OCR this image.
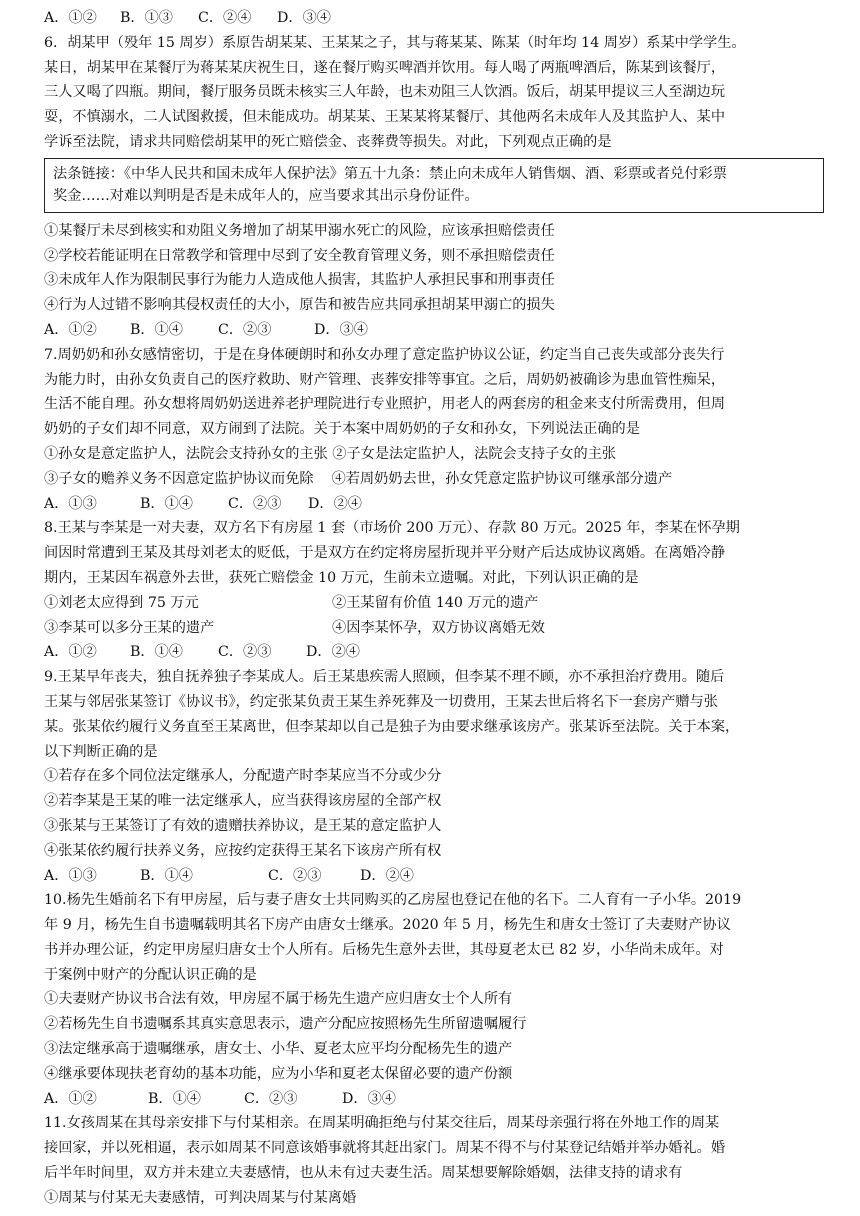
A．①②	B．①③	C．②④	D．③④
6．胡某甲（殁年 15 周岁）系原告胡某某、王某某之子，其与蒋某某、陈某（时年均 14 周岁）系某中学学生。
某日，胡某甲在某餐厅为蒋某某庆祝生日，遂在餐厅购买啤酒并饮用。每人喝了两瓶啤酒后，陈某到该餐厅，
三人又喝了四瓶。期间，餐厅服务员既未核实三人年龄，也未劝阻三人饮酒。饭后，胡某甲提议三人至湖边玩
耍，不慎溺水，二人试图救援，但未能成功。胡某某、王某某将某餐厅、其他两名未成年人及其监护人、某中
学诉至法院，请求共同赔偿胡某甲的死亡赔偿金、丧葬费等损失。对此，下列观点正确的是
法条链接：《中华人民共和国未成年人保护法》第五十九条：禁止向未成年人销售烟、酒、彩票或者兑付彩票
奖金……对难以判明是否是未成年人的，应当要求其出示身份证件。
①某餐厅未尽到核实和劝阻义务增加了胡某甲溺水死亡的风险，应该承担赔偿责任
②学校若能证明在日常教学和管理中尽到了安全教育管理义务，则不承担赔偿责任
③未成年人作为限制民事行为能力人造成他人损害，其监护人承担民事和刑事责任
④行为人过错不影响其侵权责任的大小，原告和被告应共同承担胡某甲溺亡的损失
A．①②	B．①④	C．②③	D．③④
7.周奶奶和孙女感情密切，于是在身体硬朗时和孙女办理了意定监护协议公证，约定当自己丧失或部分丧失行
为能力时，由孙女负责自己的医疗救助、财产管理、丧葬安排等事宜。之后，周奶奶被确诊为患血管性痴呆，
生活不能自理。孙女想将周奶奶送进养老护理院进行专业照护，用老人的两套房的租金来支付所需费用，但周
奶奶的子女们却不同意，双方闹到了法院。关于本案中周奶奶的子女和孙女，下列说法正确的是
①孙女是意定监护人，法院会支持孙女的主张 ②子女是法定监护人，法院会支持子女的主张
③子女的赡养义务不因意定监护协议而免除    ④若周奶奶去世，孙女凭意定监护协议可继承部分遗产
A．①③	B．①④	C．②③	D．②④
8.王某与李某是一对夫妻，双方名下有房屋 1 套（市场价 200 万元）、存款 80 万元。2025 年，李某在怀孕期
间因时常遭到王某及其母刘老太的贬低，于是双方在约定将房屋折现并平分财产后达成协议离婚。在离婚冷静
期内，王某因车祸意外去世，获死亡赔偿金 10 万元，生前未立遗嘱。对此，下列认识正确的是
①刘老太应得到 75 万元	②王某留有价值 140 万元的遗产
③李某可以多分王某的遗产	④因李某怀孕，双方协议离婚无效
A．①②	B．①④	C．②③	D．②④
9.王某早年丧夫，独自抚养独子李某成人。后王某患疾需人照顾，但李某不理不顾，亦不承担治疗费用。随后
王某与邻居张某签订《协议书》，约定张某负责王某生养死葬及一切费用，王某去世后将名下一套房产赠与张
某。张某依约履行义务直至王某离世，但李某却以自己是独子为由要求继承该房产。张某诉至法院。关于本案，
以下判断正确的是
①若存在多个同位法定继承人，分配遗产时李某应当不分或少分
②若李某是王某的唯一法定继承人，应当获得该房屋的全部产权
③张某与王某签订了有效的遗赠扶养协议，是王某的意定监护人
④张某依约履行扶养义务，应按约定获得王某名下该房产所有权
A．①③	B．①④	C．②③	D．②④
10.杨先生婚前名下有甲房屋，后与妻子唐女士共同购买的乙房屋也登记在他的名下。二人育有一子小华。2019
年 9 月，杨先生自书遗嘱载明其名下房产由唐女士继承。2020 年 5 月，杨先生和唐女士签订了夫妻财产协议
书并办理公证，约定甲房屋归唐女士个人所有。后杨先生意外去世，其母夏老太已 82 岁，小华尚未成年。对
于案例中财产的分配认识正确的是
①夫妻财产协议书合法有效，甲房屋不属于杨先生遗产应归唐女士个人所有
②若杨先生自书遗嘱系其真实意思表示，遗产分配应按照杨先生所留遗嘱履行
③法定继承高于遗嘱继承，唐女士、小华、夏老太应平均分配杨先生的遗产
④继承要体现扶老育幼的基本功能，应为小华和夏老太保留必要的遗产份额
A．①②	B．①④	C．②③	D．③④
11.女孩周某在其母亲安排下与付某相亲。在周某明确拒绝与付某交往后，周某母亲强行将在外地工作的周某
接回家，并以死相逼，表示如周某不同意该婚事就将其赶出家门。周某不得不与付某登记结婚并举办婚礼。婚
后半年时间里，双方并未建立夫妻感情，也从未有过夫妻生活。周某想要解除婚姻，法律支持的请求有
①周某与付某无夫妻感情，可判决周某与付某离婚
